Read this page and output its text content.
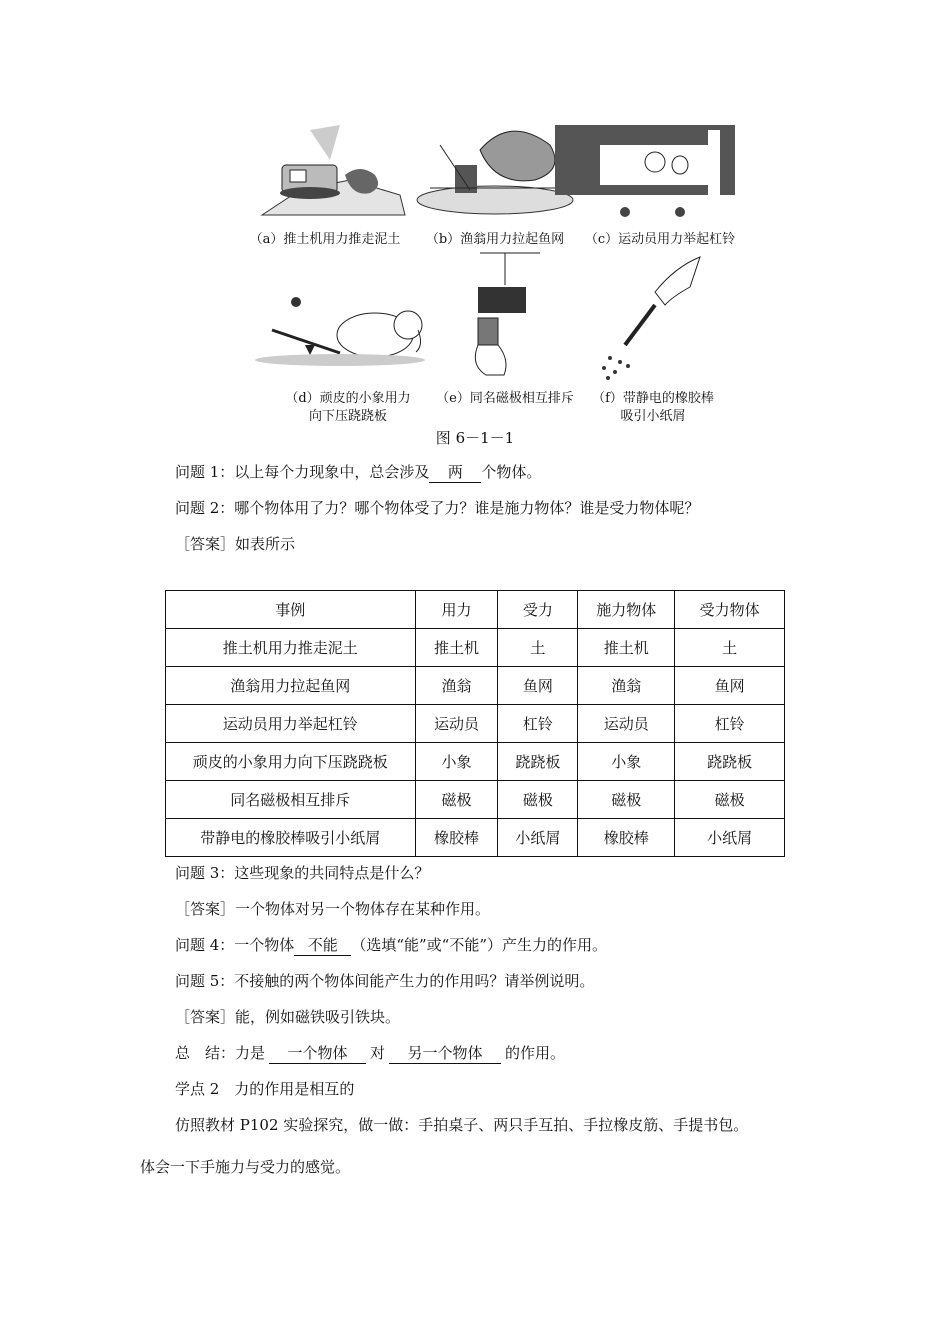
（a）推土机用力推走泥土	（b）渔翁用力拉起鱼网	（c）运动员用力举起杠铃
（d）顽皮的小象用力
向下压跷跷板
（e）同名磁极相互排斥	（f）带静电的橡胶棒
吸引小纸屑
图 6－1－1
问题 1：以上每个力现象中，总会涉及 两 个物体。
问题 2：哪个物体用了力？哪个物体受了力？谁是施力物体？谁是受力物体呢？
［答案］如表所示
事例	用力	受力	施力物体	受力物体
推土机用力推走泥土	推土机	土	推土机	土
渔翁用力拉起鱼网	渔翁	鱼网	渔翁	鱼网
运动员用力举起杠铃	运动员	杠铃	运动员	杠铃
顽皮的小象用力向下压跷跷板	小象	跷跷板	小象	跷跷板
同名磁极相互排斥	磁极	磁极	磁极	磁极
带静电的橡胶棒吸引小纸屑	橡胶棒	小纸屑	橡胶棒	小纸屑
问题 3：这些现象的共同特点是什么？
［答案］一个物体对另一个物体存在某种作用。
问题 4：一个物体 不能 （选填“能”或“不能”）产生力的作用。
问题 5：不接触的两个物体间能产生力的作用吗？请举例说明。
［答案］能，例如磁铁吸引铁块。
总　结：力是 一个物体 对 另一个物体 的作用。
学点 2　力的作用是相互的
仿照教材 P102 实验探究，做一做：手拍桌子、两只手互拍、手拉橡皮筋、手提书包。
体会一下手施力与受力的感觉。
